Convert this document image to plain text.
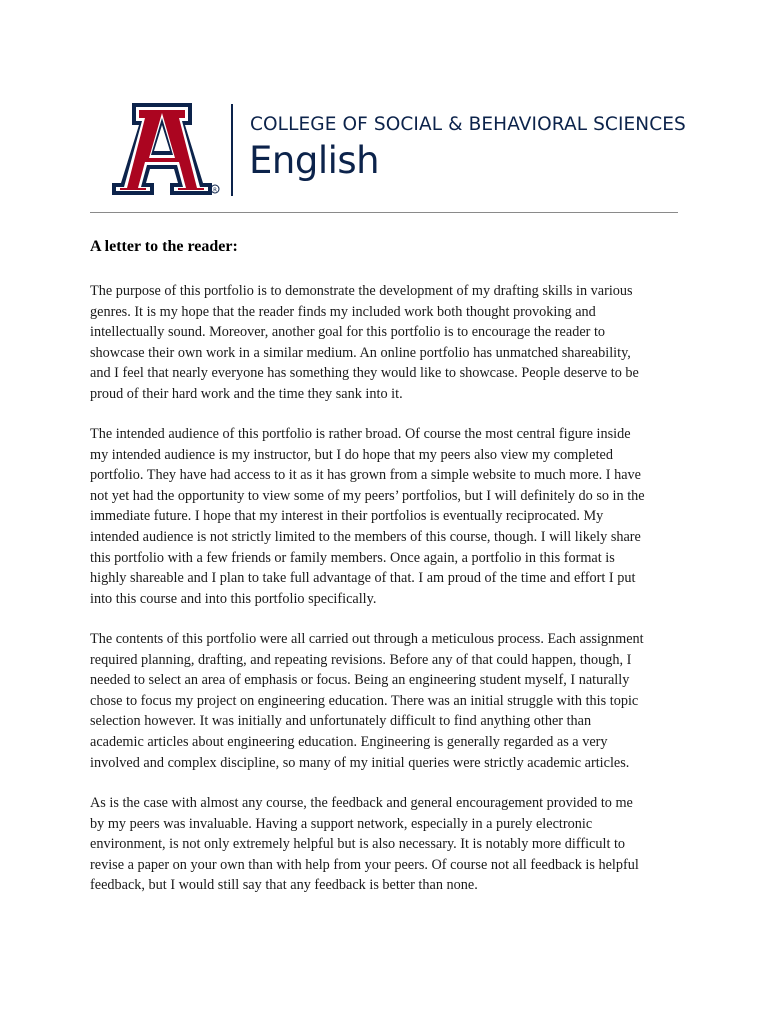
R
COLLEGE OF SOCIAL & BEHAVIORAL SCIENCES
English
A letter to the reader:

The purpose of this portfolio is to demonstrate the development of my drafting skills in various
genres. It is my hope that the reader finds my included work both thought provoking and
intellectually sound. Moreover, another goal for this portfolio is to encourage the reader to
showcase their own work in a similar medium. An online portfolio has unmatched shareability,
and I feel that nearly everyone has something they would like to showcase. People deserve to be
proud of their hard work and the time they sank into it.

The intended audience of this portfolio is rather broad. Of course the most central figure inside
my intended audience is my instructor, but I do hope that my peers also view my completed
portfolio. They have had access to it as it has grown from a simple website to much more. I have
not yet had the opportunity to view some of my peers’ portfolios, but I will definitely do so in the
immediate future. I hope that my interest in their portfolios is eventually reciprocated. My
intended audience is not strictly limited to the members of this course, though. I will likely share
this portfolio with a few friends or family members. Once again, a portfolio in this format is
highly shareable and I plan to take full advantage of that. I am proud of the time and effort I put
into this course and into this portfolio specifically.

The contents of this portfolio were all carried out through a meticulous process. Each assignment
required planning, drafting, and repeating revisions. Before any of that could happen, though, I
needed to select an area of emphasis or focus. Being an engineering student myself, I naturally
chose to focus my project on engineering education. There was an initial struggle with this topic
selection however. It was initially and unfortunately difficult to find anything other than
academic articles about engineering education. Engineering is generally regarded as a very
involved and complex discipline, so many of my initial queries were strictly academic articles.

As is the case with almost any course, the feedback and general encouragement provided to me
by my peers was invaluable. Having a support network, especially in a purely electronic
environment, is not only extremely helpful but is also necessary. It is notably more difficult to
revise a paper on your own than with help from your peers. Of course not all feedback is helpful
feedback, but I would still say that any feedback is better than none.
